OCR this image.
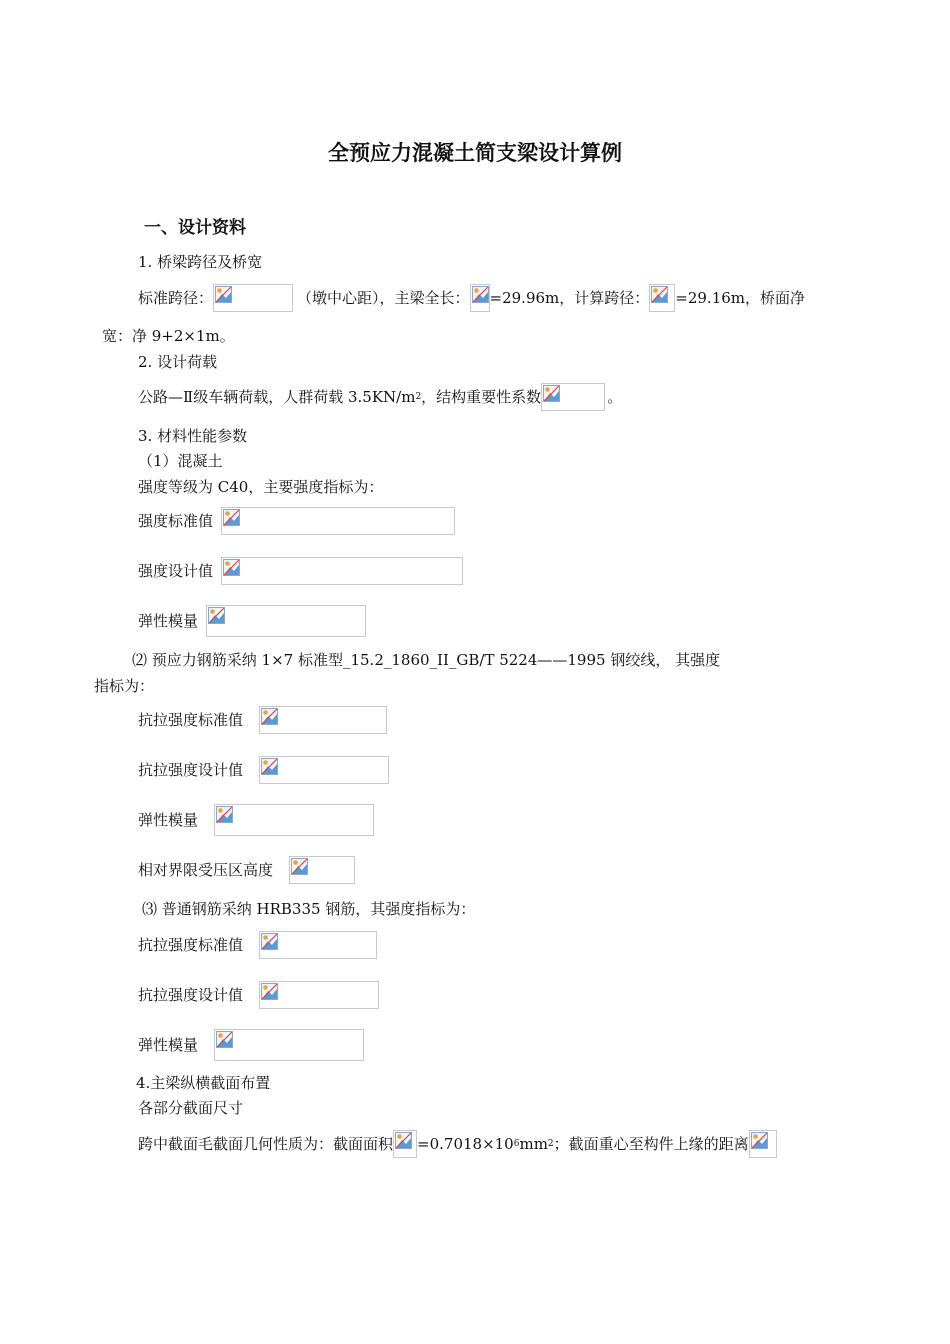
全预应力混凝土简支梁设计算例
一、设计资料
1. 桥梁跨径及桥宽
标准跨径：	（墩中心距），主梁全长： =29.96m，计算跨径： =29.16m，桥面净
宽：净 9+2×1m。
2. 设计荷载
公路—Ⅱ级车辆荷载，人群荷载 3.5KN/m 2 ，结构重要性系数	。
3. 材料性能参数
（1）混凝土
强度等级为 C40，主要强度指标为：
强度标准值
强度设计值
弹性模量
⑵ 预应力钢筋采纳 1×7 标准型_15.2_1860_II_GB/T 5224——1995 钢绞线， 其强度
指标为：
抗拉强度标准值
抗拉强度设计值
弹性模量
相对界限受压区高度
⑶ 普通钢筋采纳 HRB335 钢筋，其强度指标为：
抗拉强度标准值
抗拉强度设计值
弹性模量
4.主梁纵横截面布置
各部分截面尺寸
跨中截面毛截面几何性质为：截面面积 =0.7018×10 6 mm 2 ；截面重心至构件上缘的距离
